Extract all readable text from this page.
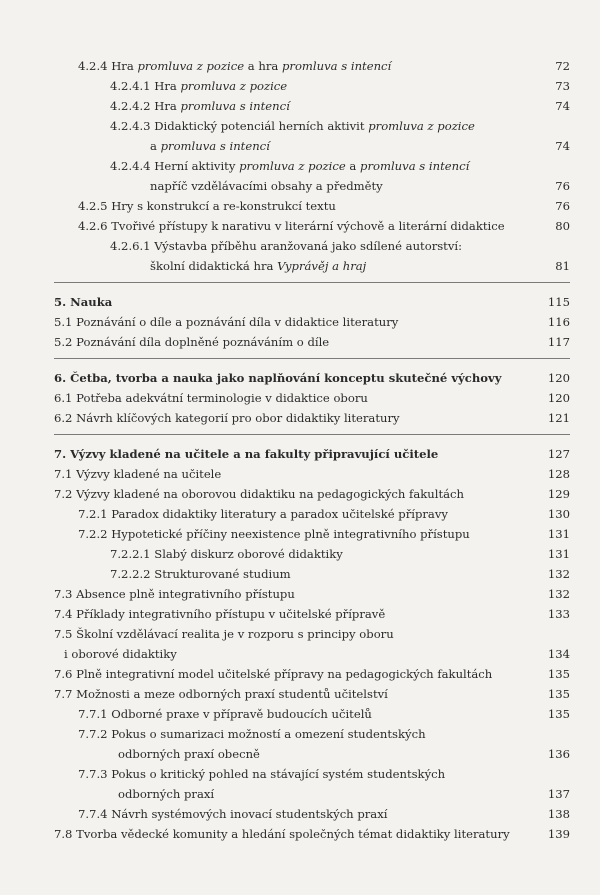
4.2.4 Hra promluva z pozice a hra promluva s intencí	72
4.2.4.1 Hra promluva z pozice	73
4.2.4.2 Hra promluva s intencí	74
4.2.4.3 Didaktický potenciál herních aktivit promluva z pozice
a promluva s intencí	74
4.2.4.4 Herní aktivity promluva z pozice a promluva s intencí
napříč vzdělávacími obsahy a předměty	76
4.2.5 Hry s konstrukcí a re-konstrukcí textu	76
4.2.6 Tvořivé přístupy k narativu v literární výchově a literární didaktice	80
4.2.6.1 Výstavba příběhu aranžovaná jako sdílené autorství:
školní didaktická hra Vyprávěj a hraj	81
5. Nauka	115
5.1 Poznávání o díle a poznávání díla v didaktice literatury	116
5.2 Poznávání díla doplněné poznáváním o díle	117
6. Četba, tvorba a nauka jako naplňování konceptu skutečné výchovy	120
6.1 Potřeba adekvátní terminologie v didaktice oboru	120
6.2 Návrh klíčových kategorií pro obor didaktiky literatury	121
7. Výzvy kladené na učitele a na fakulty připravující učitele	127
7.1 Výzvy kladené na učitele	128
7.2 Výzvy kladené na oborovou didaktiku na pedagogických fakultách	129
7.2.1 Paradox didaktiky literatury a paradox učitelské přípravy	130
7.2.2 Hypotetické příčiny neexistence plně integrativního přístupu	131
7.2.2.1 Slabý diskurz oborové didaktiky	131
7.2.2.2 Strukturované studium	132
7.3 Absence plně integrativního přístupu	132
7.4 Příklady integrativního přístupu v učitelské přípravě	133
7.5 Školní vzdělávací realita je v rozporu s principy oboru
i oborové didaktiky	134
7.6 Plně integrativní model učitelské přípravy na pedagogických fakultách	135
7.7 Možnosti a meze odborných praxí studentů učitelství	135
7.7.1 Odborné praxe v přípravě budoucích učitelů	135
7.7.2 Pokus o sumarizaci možností a omezení studentských
odborných praxí obecně	136
7.7.3 Pokus o kritický pohled na stávající systém studentských
odborných praxí	137
7.7.4 Návrh systémových inovací studentských praxí	138
7.8 Tvorba vědecké komunity a hledání společných témat didaktiky literatury	139
